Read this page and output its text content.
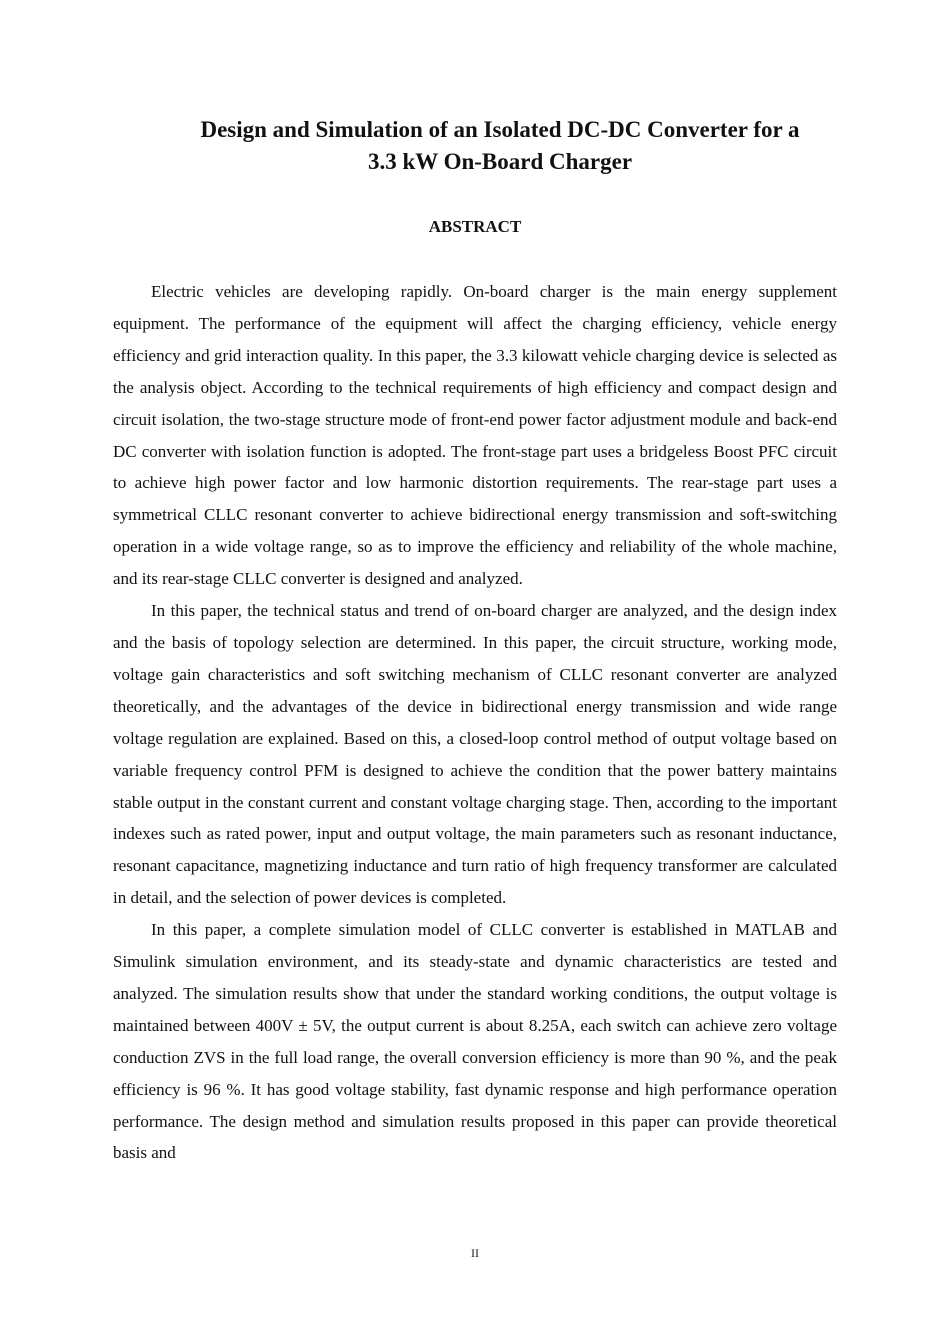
Design and Simulation of an Isolated DC-DC Converter for a
3.3 kW On-Board Charger
ABSTRACT

Electric vehicles are developing rapidly. On-board charger is the main energy supplement equipment. The performance of the equipment will affect the charging efficiency, vehicle energy efficiency and grid interaction quality. In this paper, the 3.3 kilowatt vehicle charging device is selected as the analysis object. According to the technical requirements of high efficiency and compact design and circuit isolation, the two-stage structure mode of front-end power factor adjustment module and back-end DC converter with isolation function is adopted. The front-stage part uses a bridgeless Boost PFC circuit to achieve high power factor and low harmonic distortion requirements. The rear-stage part uses a symmetrical CLLC resonant converter to achieve bidirectional energy transmission and soft-switching operation in a wide voltage range, so as to improve the efficiency and reliability of the whole machine, and its rear-stage CLLC converter is designed and analyzed.

In this paper, the technical status and trend of on-board charger are analyzed, and the design index and the basis of topology selection are determined. In this paper, the circuit structure, working mode, voltage gain characteristics and soft switching mechanism of CLLC resonant converter are analyzed theoretically, and the advantages of the device in bidirectional energy transmission and wide range voltage regulation are explained. Based on this, a closed-loop control method of output voltage based on variable frequency control PFM is designed to achieve the condition that the power battery maintains stable output in the constant current and constant voltage charging stage. Then, according to the important indexes such as rated power, input and output voltage, the main parameters such as resonant inductance, resonant capacitance, magnetizing inductance and turn ratio of high frequency transformer are calculated in detail, and the selection of power devices is completed.

In this paper, a complete simulation model of CLLC converter is established in MATLAB and Simulink simulation environment, and its steady-state and dynamic characteristics are tested and analyzed. The simulation results show that under the standard working conditions, the output voltage is maintained between 400V ± 5V, the output current is about 8.25A, each switch can achieve zero voltage conduction ZVS in the full load range, the overall conversion efficiency is more than 90 %, and the peak efficiency is 96 %. It has good voltage stability, fast dynamic response and high performance operation performance. The design method and simulation results proposed in this paper can provide theoretical basis and

II
